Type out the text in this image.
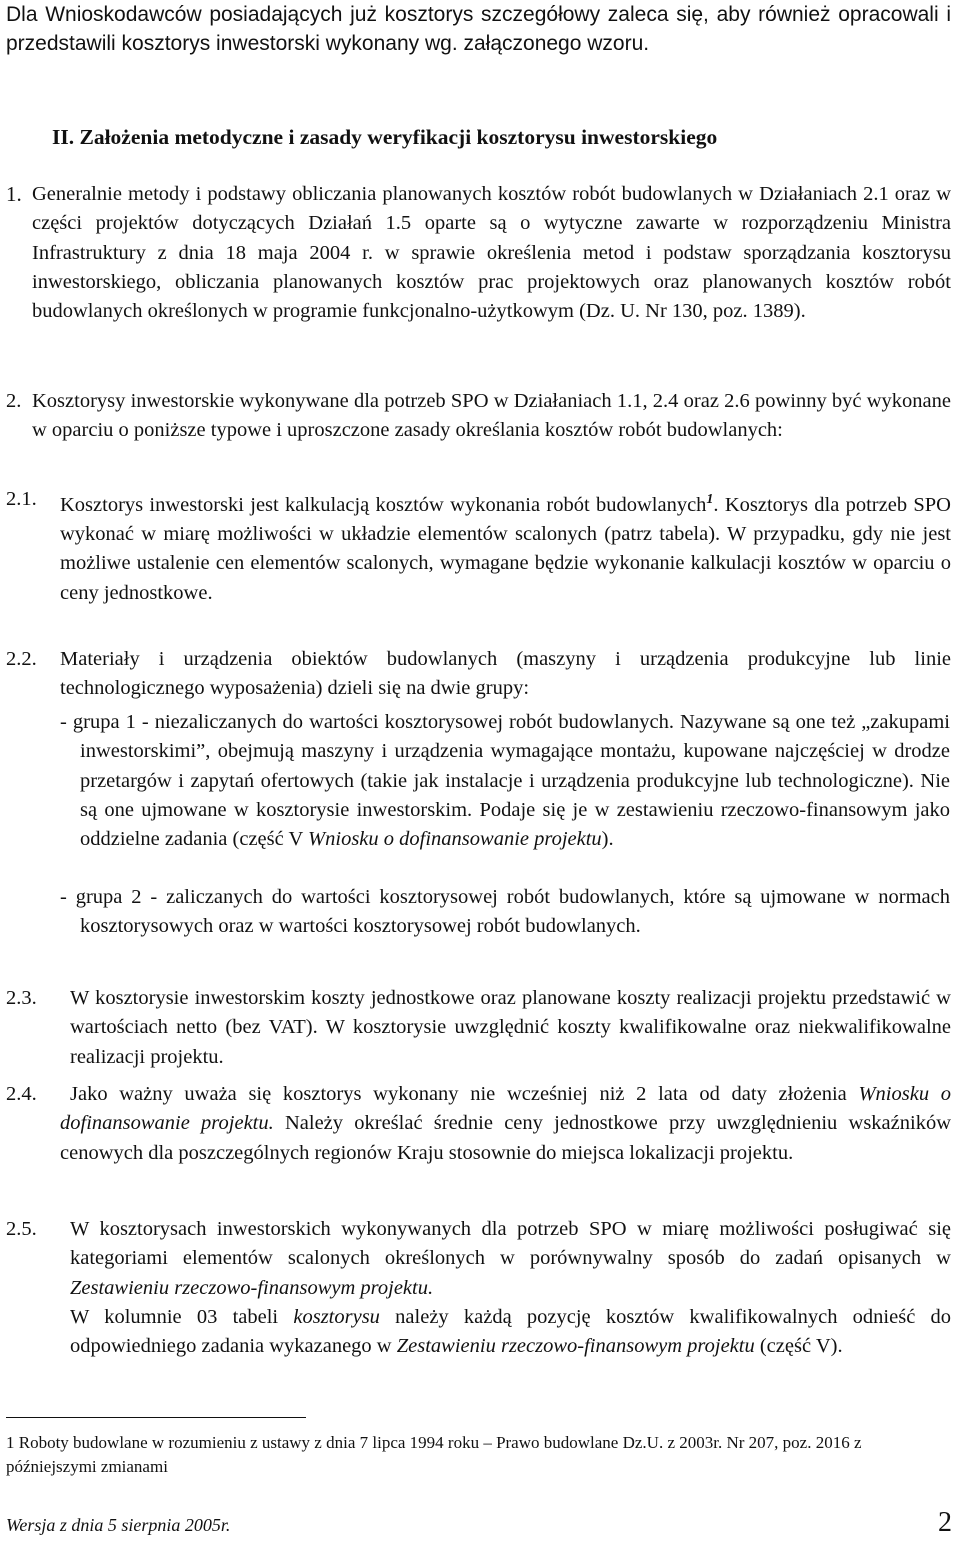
Dla Wnioskodawców posiadających już kosztorys szczegółowy zaleca się, aby również opracowali i przedstawili kosztorys inwestorski wykonany wg. załączonego wzoru.

II. Założenia metodyczne i zasady weryfikacji kosztorysu inwestorskiego
1. Generalnie metody i podstawy obliczania planowanych kosztów robót budowlanych w Działaniach 2.1 oraz w części projektów dotyczących Działań 1.5 oparte są o wytyczne zawarte w rozporządzeniu Ministra Infrastruktury z dnia 18 maja 2004 r. w sprawie określenia metod i podstaw sporządzania kosztorysu inwestorskiego, obliczania planowanych kosztów prac projektowych oraz planowanych kosztów robót budowlanych określonych w programie funkcjonalno-użytkowym (Dz. U. Nr 130, poz. 1389).
2. Kosztorysy inwestorskie wykonywane dla potrzeb SPO w Działaniach 1.1, 2.4 oraz 2.6 powinny być wykonane w oparciu o poniższe typowe i uproszczone zasady określania kosztów robót budowlanych:
2.1. Kosztorys inwestorski jest kalkulacją kosztów wykonania robót budowlanych$^1$. Kosztorys dla potrzeb SPO wykonać w miarę możliwości w układzie elementów scalonych (patrz tabela). W przypadku, gdy nie jest możliwe ustalenie cen elementów scalonych, wymagane będzie wykonanie kalkulacji kosztów w oparciu o ceny jednostkowe.
2.2. Materiały i urządzenia obiektów budowlanych (maszyny i urządzenia produkcyjne lub linie technologicznego wyposażenia) dzieli się na dwie grupy:
- grupa 1 - niezaliczanych do wartości kosztorysowej robót budowlanych. Nazywane są one też „zakupami inwestorskimi”, obejmują maszyny i urządzenia wymagające montażu, kupowane najczęściej w drodze przetargów i zapytań ofertowych (takie jak instalacje i urządzenia produkcyjne lub technologiczne). Nie są one ujmowane w kosztorysie inwestorskim. Podaje się je w zestawieniu rzeczowo-finansowym jako oddzielne zadania (część V Wniosku o dofinansowanie projektu).
- grupa 2 - zaliczanych do wartości kosztorysowej robót budowlanych, które są ujmowane w normach kosztorysowych oraz w wartości kosztorysowej robót budowlanych.
2.3. W kosztorysie inwestorskim koszty jednostkowe oraz planowane koszty realizacji projektu przedstawić w wartościach netto (bez VAT). W kosztorysie uwzględnić koszty kwalifikowalne oraz niekwalifikowalne realizacji projektu.
2.4.	Jako ważny uważa się kosztorys wykonany nie wcześniej niż 2 lata od daty złożenia Wniosku o dofinansowanie projektu. Należy określać średnie ceny jednostkowe przy uwzględnieniu wskaźników cenowych dla poszczególnych regionów Kraju stosownie do miejsca lokalizacji projektu.
2.5. W kosztorysach inwestorskich wykonywanych dla potrzeb SPO w miarę możliwości posługiwać się kategoriami elementów scalonych określonych w porównywalny sposób do zadań opisanych w Zestawieniu rzeczowo-finansowym projektu.
W kolumnie 03 tabeli kosztorysu należy każdą pozycję kosztów kwalifikowalnych odnieść do odpowiedniego zadania wykazanego w Zestawieniu rzeczowo-finansowym projektu (część V).
1 Roboty budowlane w rozumieniu z ustawy z dnia 7 lipca 1994 roku – Prawo budowlane Dz.U. z 2003r. Nr 207, poz. 2016 z późniejszymi zmianami
Wersja z dnia 5 sierpnia 2005r.	2
